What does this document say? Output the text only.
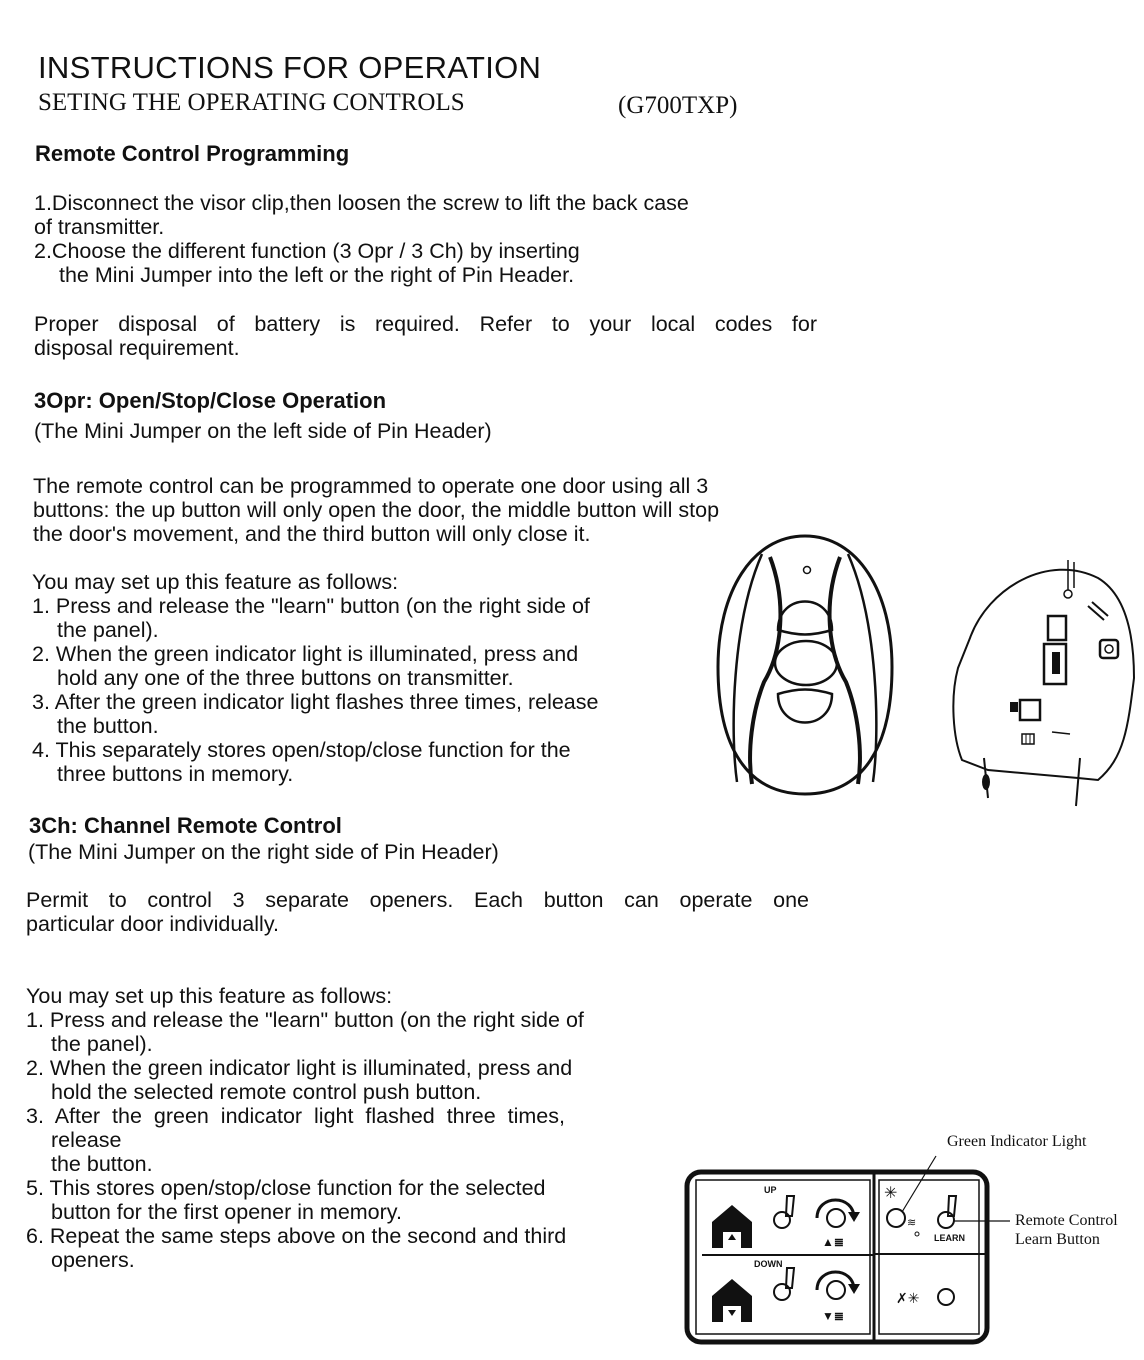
INSTRUCTIONS FOR OPERATION
SETING THE OPERATING CONTROLS	(G700TXP)
Remote Control Programming
1.Disconnect the visor clip,then loosen the screw to lift the back case
of transmitter.
2.Choose the different function (3 Opr / 3 Ch) by inserting
the Mini Jumper into the left or the right of Pin Header.
Proper disposal of battery is required. Refer to your local codes for
disposal requirement.
3Opr: Open/Stop/Close Operation
(The Mini Jumper on the left side of Pin Header)
The remote control can be programmed to operate one door using all 3
buttons: the up button will only open the door, the middle button will stop
the door's movement, and the third button will only close it.
You may set up this feature as follows:
1. Press and release the "learn" button (on the right side of
the panel).
2. When the green indicator light is illuminated, press and
hold any one of the three buttons on transmitter.
3. After the green indicator light flashes three times, release
the button.
4. This separately stores open/stop/close function for the
three buttons in memory.
3Ch: Channel Remote Control
(The Mini Jumper on the right side of Pin Header)
Permit to control 3 separate openers. Each button can operate one
particular door individually.
You may set up this feature as follows:
1. Press and release the "learn" button (on the right side of
the panel).
2. When the green indicator light is illuminated, press and
hold the selected remote control push button.
3.  After  the  green  indicator  light  flashed  three  times,
release
the button.
5. This stores open/stop/close function for the selected
button for the first opener in memory.
6. Repeat the same steps above on the second and third
openers.
Green Indicator Light
Remote Control
Learn Button
UP
▲≣
DOWN
▼≣
✳
≋
LEARN
✗✳
